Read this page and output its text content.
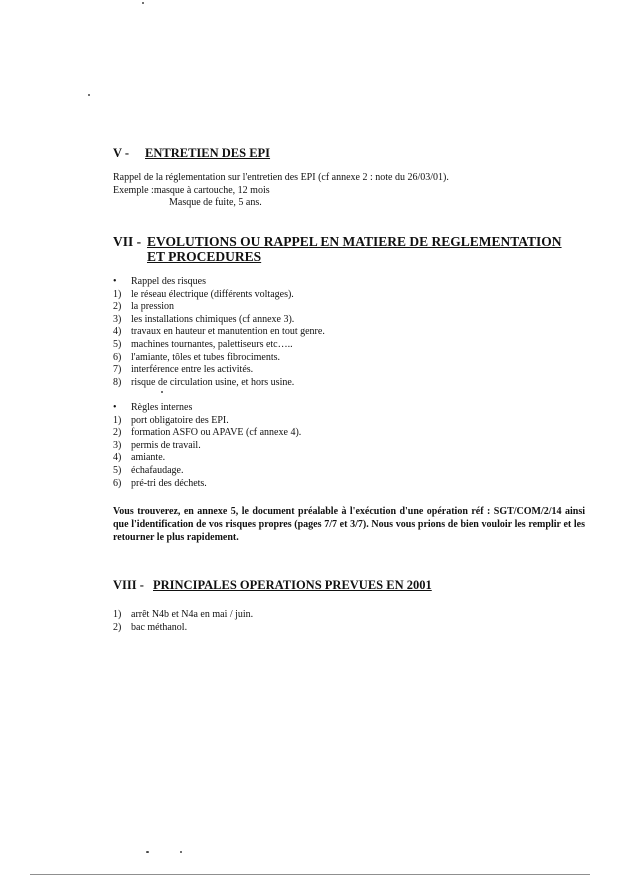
V - ENTRETIEN DES EPI
Rappel de la réglementation sur l'entretien des EPI (cf annexe 2 : note du 26/03/01).
Exemple :masque à cartouche, 12 mois
Masque de fuite, 5 ans.
VII - EVOLUTIONS OU RAPPEL EN MATIERE DE REGLEMENTATION
ET PROCEDURES
•	Rappel des risques
1) le réseau électrique (différents voltages).
2) la pression
3) les installations chimiques (cf annexe 3).
4) travaux en hauteur et manutention en tout genre.
5) machines tournantes, palettiseurs etc…..
6) l'amiante, tôles et tubes fibrociments.
7) interférence entre les activités.
8) risque de circulation usine, et hors usine.
•	Règles internes
1) port obligatoire des EPI.
2) formation ASFO ou APAVE (cf annexe 4).
3) permis de travail.
4) amiante.
5) échafaudage.
6) pré-tri des déchets.
Vous trouverez, en annexe 5, le document préalable à l'exécution d'une opération réf : SGT/COM/2/14 ainsi que l'identification de vos risques propres (pages 7/7 et 3/7). Nous vous prions de bien vouloir les remplir et les retourner le plus rapidement.
VIII - PRINCIPALES OPERATIONS PREVUES EN 2001
1) arrêt N4b et N4a en mai / juin.
2) bac méthanol.
